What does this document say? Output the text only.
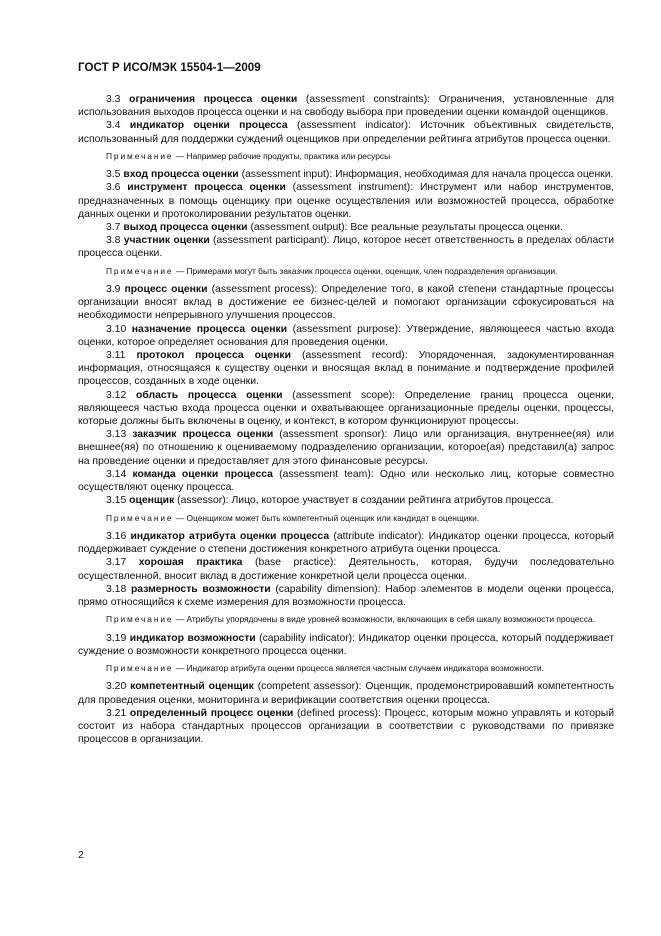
ГОСТ Р ИСО/МЭК 15504-1—2009

3.3 ограничения процесса оценки (assessment constraints): Ограничения, установленные для использования выходов процесса оценки и на свободу выбора при проведении оценки командой оценщиков.

3.4 индикатор оценки процесса (assessment indicator): Источник объективных свидетельств, использованный для поддержки суждений оценщиков при определении рейтинга атрибутов процесса оценки.

Примечание — Например рабочие продукты, практика или ресурсы

3.5 вход процесса оценки (assessment input): Информация, необходимая для начала процесса оценки.

3.6 инструмент процесса оценки (assessment instrument): Инструмент или набор инструментов, предназначенных в помощь оценщику при оценке осуществления или возможностей процесса, обработке данных оценки и протоколировании результатов оценки.

3.7 выход процесса оценки (assessment output): Все реальные результаты процесса оценки.

3.8 участник оценки (assessment participant): Лицо, которое несет ответственность в пределах области процесса оценки.

Примечание — Примерами могут быть заказчик процесса оценки, оценщик, член подразделения организации.

3.9 процесс оценки (assessment process): Определение того, в какой степени стандартные процессы организации вносят вклад в достижение ее бизнес-целей и помогают организации сфокусироваться на необходимости непрерывного улучшения процессов.

3.10 назначение процесса оценки (assessment purpose): Утверждение, являющееся частью входа оценки, которое определяет основания для проведения оценки.

3.11 протокол процесса оценки (assessment record): Упорядоченная, задокументированная информация, относящаяся к существу оценки и вносящая вклад в понимание и подтверждение профилей процессов, созданных в ходе оценки.

3.12 область процесса оценки (assessment scope): Определение границ процесса оценки, являющееся частью входа процесса оценки и охватывающее организационные пределы оценки, процессы, которые должны быть включены в оценку, и контекст, в котором функционируют процессы.

3.13 заказчик процесса оценки (assessment sponsor): Лицо или организация, внутреннее(яя) или внешнее(яя) по отношению к оцениваемому подразделению организации, которое(ая) представил(а) запрос на проведение оценки и предоставляет для этого финансовые ресурсы.

3.14 команда оценки процесса (assessment team): Одно или несколько лиц, которые совместно осуществляют оценку процесса.

3.15 оценщик (assessor): Лицо, которое участвует в создании рейтинга атрибутов процесса.

Примечание — Оценщиком может быть компетентный оценщик или кандидат в оценщики.

3.16 индикатор атрибута оценки процесса (attribute indicator): Индикатор оценки процесса, который поддерживает суждение о степени достижения конкретного атрибута оценки процесса.

3.17 хорошая практика (base practice): Деятельность, которая, будучи последовательно осуществленной, вносит вклад в достижение конкретной цели процесса оценки.

3.18 размерность возможности (capability dimension): Набор элементов в модели оценки процесса, прямо относящийся к схеме измерения для возможности процесса.

Примечание — Атрибуты упорядочены в виде уровней возможности, включающих в себя шкалу возможности процесса.

3.19 индикатор возможности (capability indicator): Индикатор оценки процесса, который поддерживает суждение о возможности конкретного процесса оценки.

Примечание — Индикатор атрибута оценки процесса является частным случаем индикатора возможности.

3.20 компетентный оценщик (competent assessor): Оценщик, продемонстрировавший компетентность для проведения оценки, мониторинга и верификации соответствия оценки процесса.

3.21 определенный процесс оценки (defined process): Процесс, которым можно управлять и который состоит из набора стандартных процессов организации в соответствии с руководствами по привязке процессов в организации.

2
